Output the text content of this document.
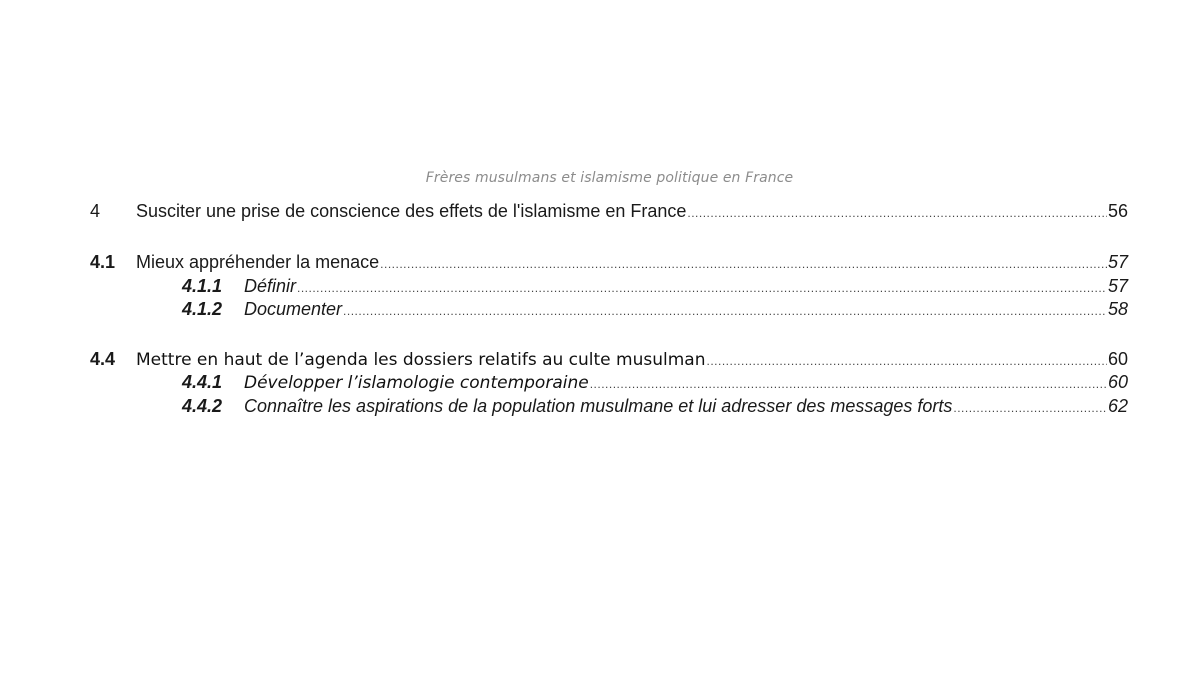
Frères musulmans et islamisme politique en France
4	Susciter une prise de conscience des effets de l'islamisme en France .....	56
4.1	Mieux appréhender la menace .....	57
4.1.1	Définir .....	57
4.1.2	Documenter .....	58
4.4	Mettre en haut de l’agenda les dossiers relatifs au culte musulman .....	60
4.4.1	Développer l’islamologie contemporaine .....	60
4.4.2	Connaître les aspirations de la population musulmane et lui adresser des messages forts .....	62
